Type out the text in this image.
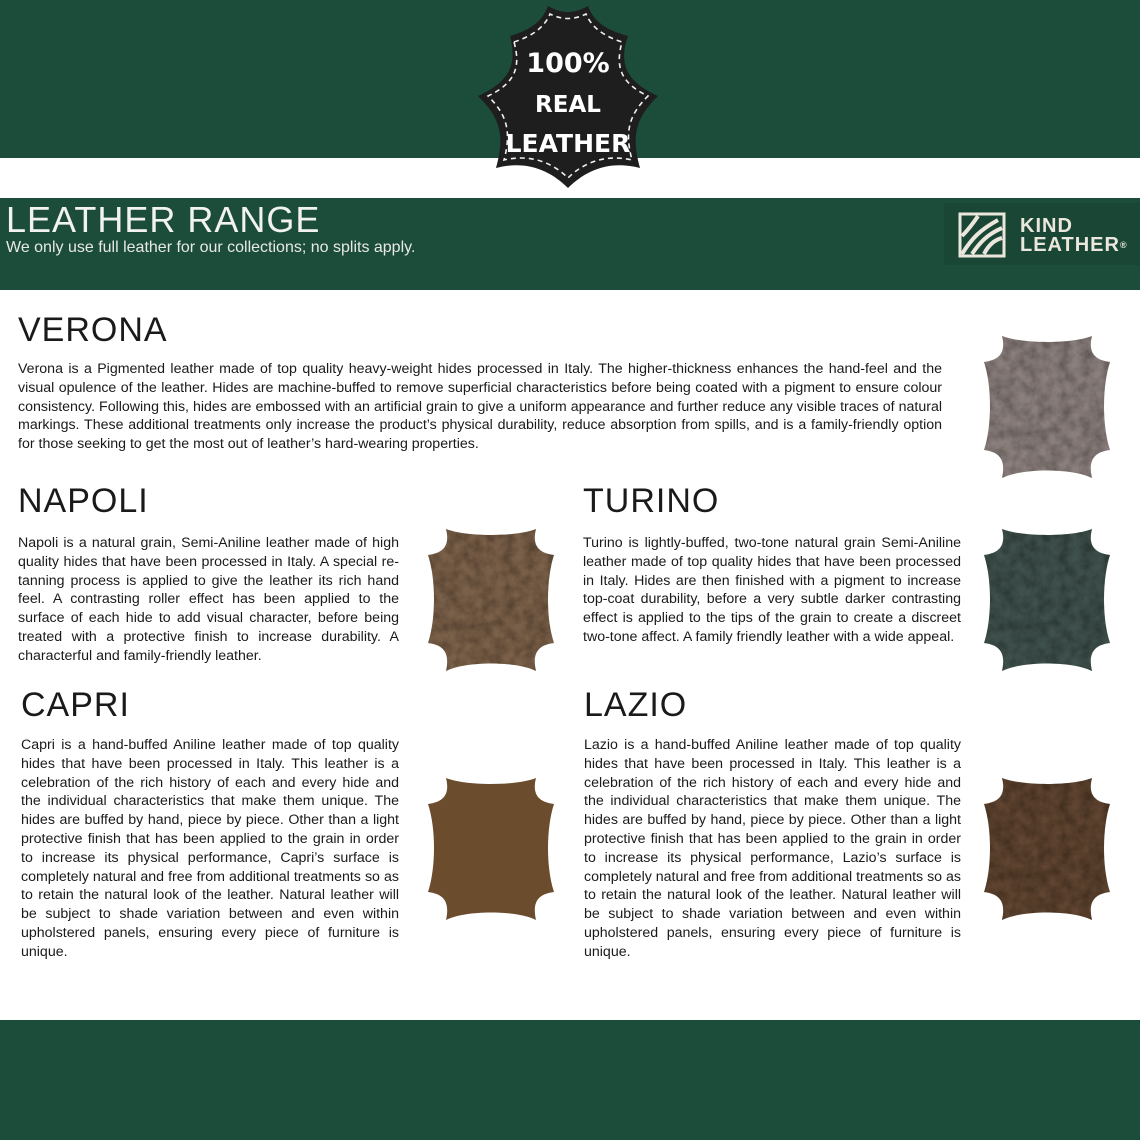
100%
REAL
LEATHER
LEATHER RANGE
We only use full leather for our collections; no splits apply.
KIND
LEATHER®
VERONA

Verona is a Pigmented leather made of top quality heavy-weight hides processed in Italy. The higher-thickness enhances the hand-feel and the visual opulence of the leather. Hides are machine-buffed to remove superficial characteristics before being coated with a pigment to ensure colour consistency. Following this, hides are embossed with an artificial grain to give a uniform appearance and further reduce any visible traces of natural markings. These additional treatments only increase the product’s physical durability, reduce absorption from spills, and is a family-friendly option for those seeking to get the most out of leather’s hard-wearing properties.

NAPOLI

Napoli is a natural grain, Semi-Aniline leather made of high quality hides that have been processed in Italy. A special re-tanning process is applied to give the leather its rich hand feel. A contrasting roller effect has been applied to the surface of each hide to add visual character, before being treated with a protective finish to increase durability. A characterful and family-friendly leather.

TURINO

Turino is lightly-buffed, two-tone natural grain Semi-Aniline leather made of top quality hides that have been processed in Italy. Hides are then finished with a pigment to increase top-coat durability, before a very subtle darker contrasting effect is applied to the tips of the grain to create a discreet two-tone affect. A family friendly leather with a wide appeal.

CAPRI

Capri is a hand-buffed Aniline leather made of top quality hides that have been processed in Italy. This leather is a celebration of the rich history of each and every hide and the individual characteristics that make them unique. The hides are buffed by hand, piece by piece. Other than a light protective finish that has been applied to the grain in order to increase its physical performance, Capri’s surface is completely natural and free from additional treatments so as to retain the natural look of the leather. Natural leather will be subject to shade variation between and even within upholstered panels, ensuring every piece of furniture is unique.

LAZIO

Lazio is a hand-buffed Aniline leather made of top quality hides that have been processed in Italy. This leather is a celebration of the rich history of each and every hide and the individual characteristics that make them unique. The hides are buffed by hand, piece by piece. Other than a light protective finish that has been applied to the grain in order to increase its physical performance, Lazio’s surface is completely natural and free from additional treatments so as to retain the natural look of the leather. Natural leather will be subject to shade variation between and even within upholstered panels, ensuring every piece of furniture is unique.
